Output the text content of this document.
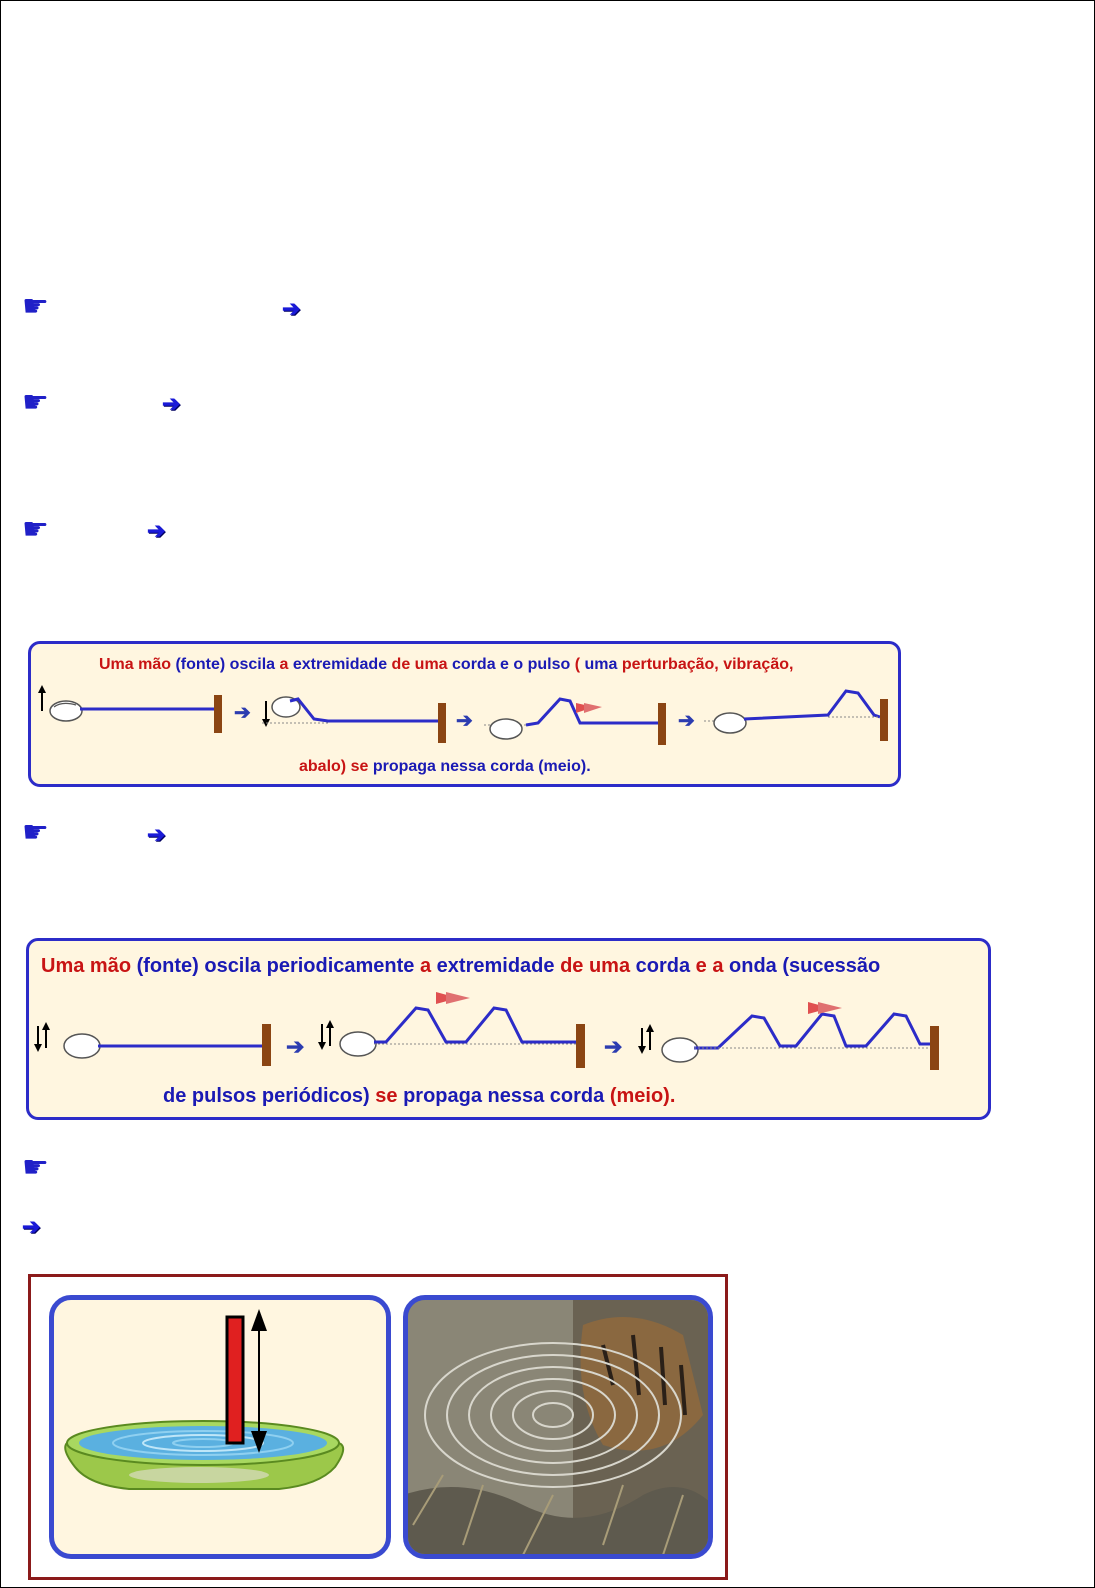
☛	➔
☛	➔
☛	➔
Uma mão (fonte) oscila a extremidade de uma corda e o pulso ( uma perturbação, vibração,
abalo) se propaga nessa corda (meio).
➔	➔	➔
☛	➔
Uma mão (fonte) oscila periodicamente a extremidade de uma corda e a onda (sucessão
de pulsos periódicos) se propaga nessa corda (meio).
➔	➔
☛
➔
